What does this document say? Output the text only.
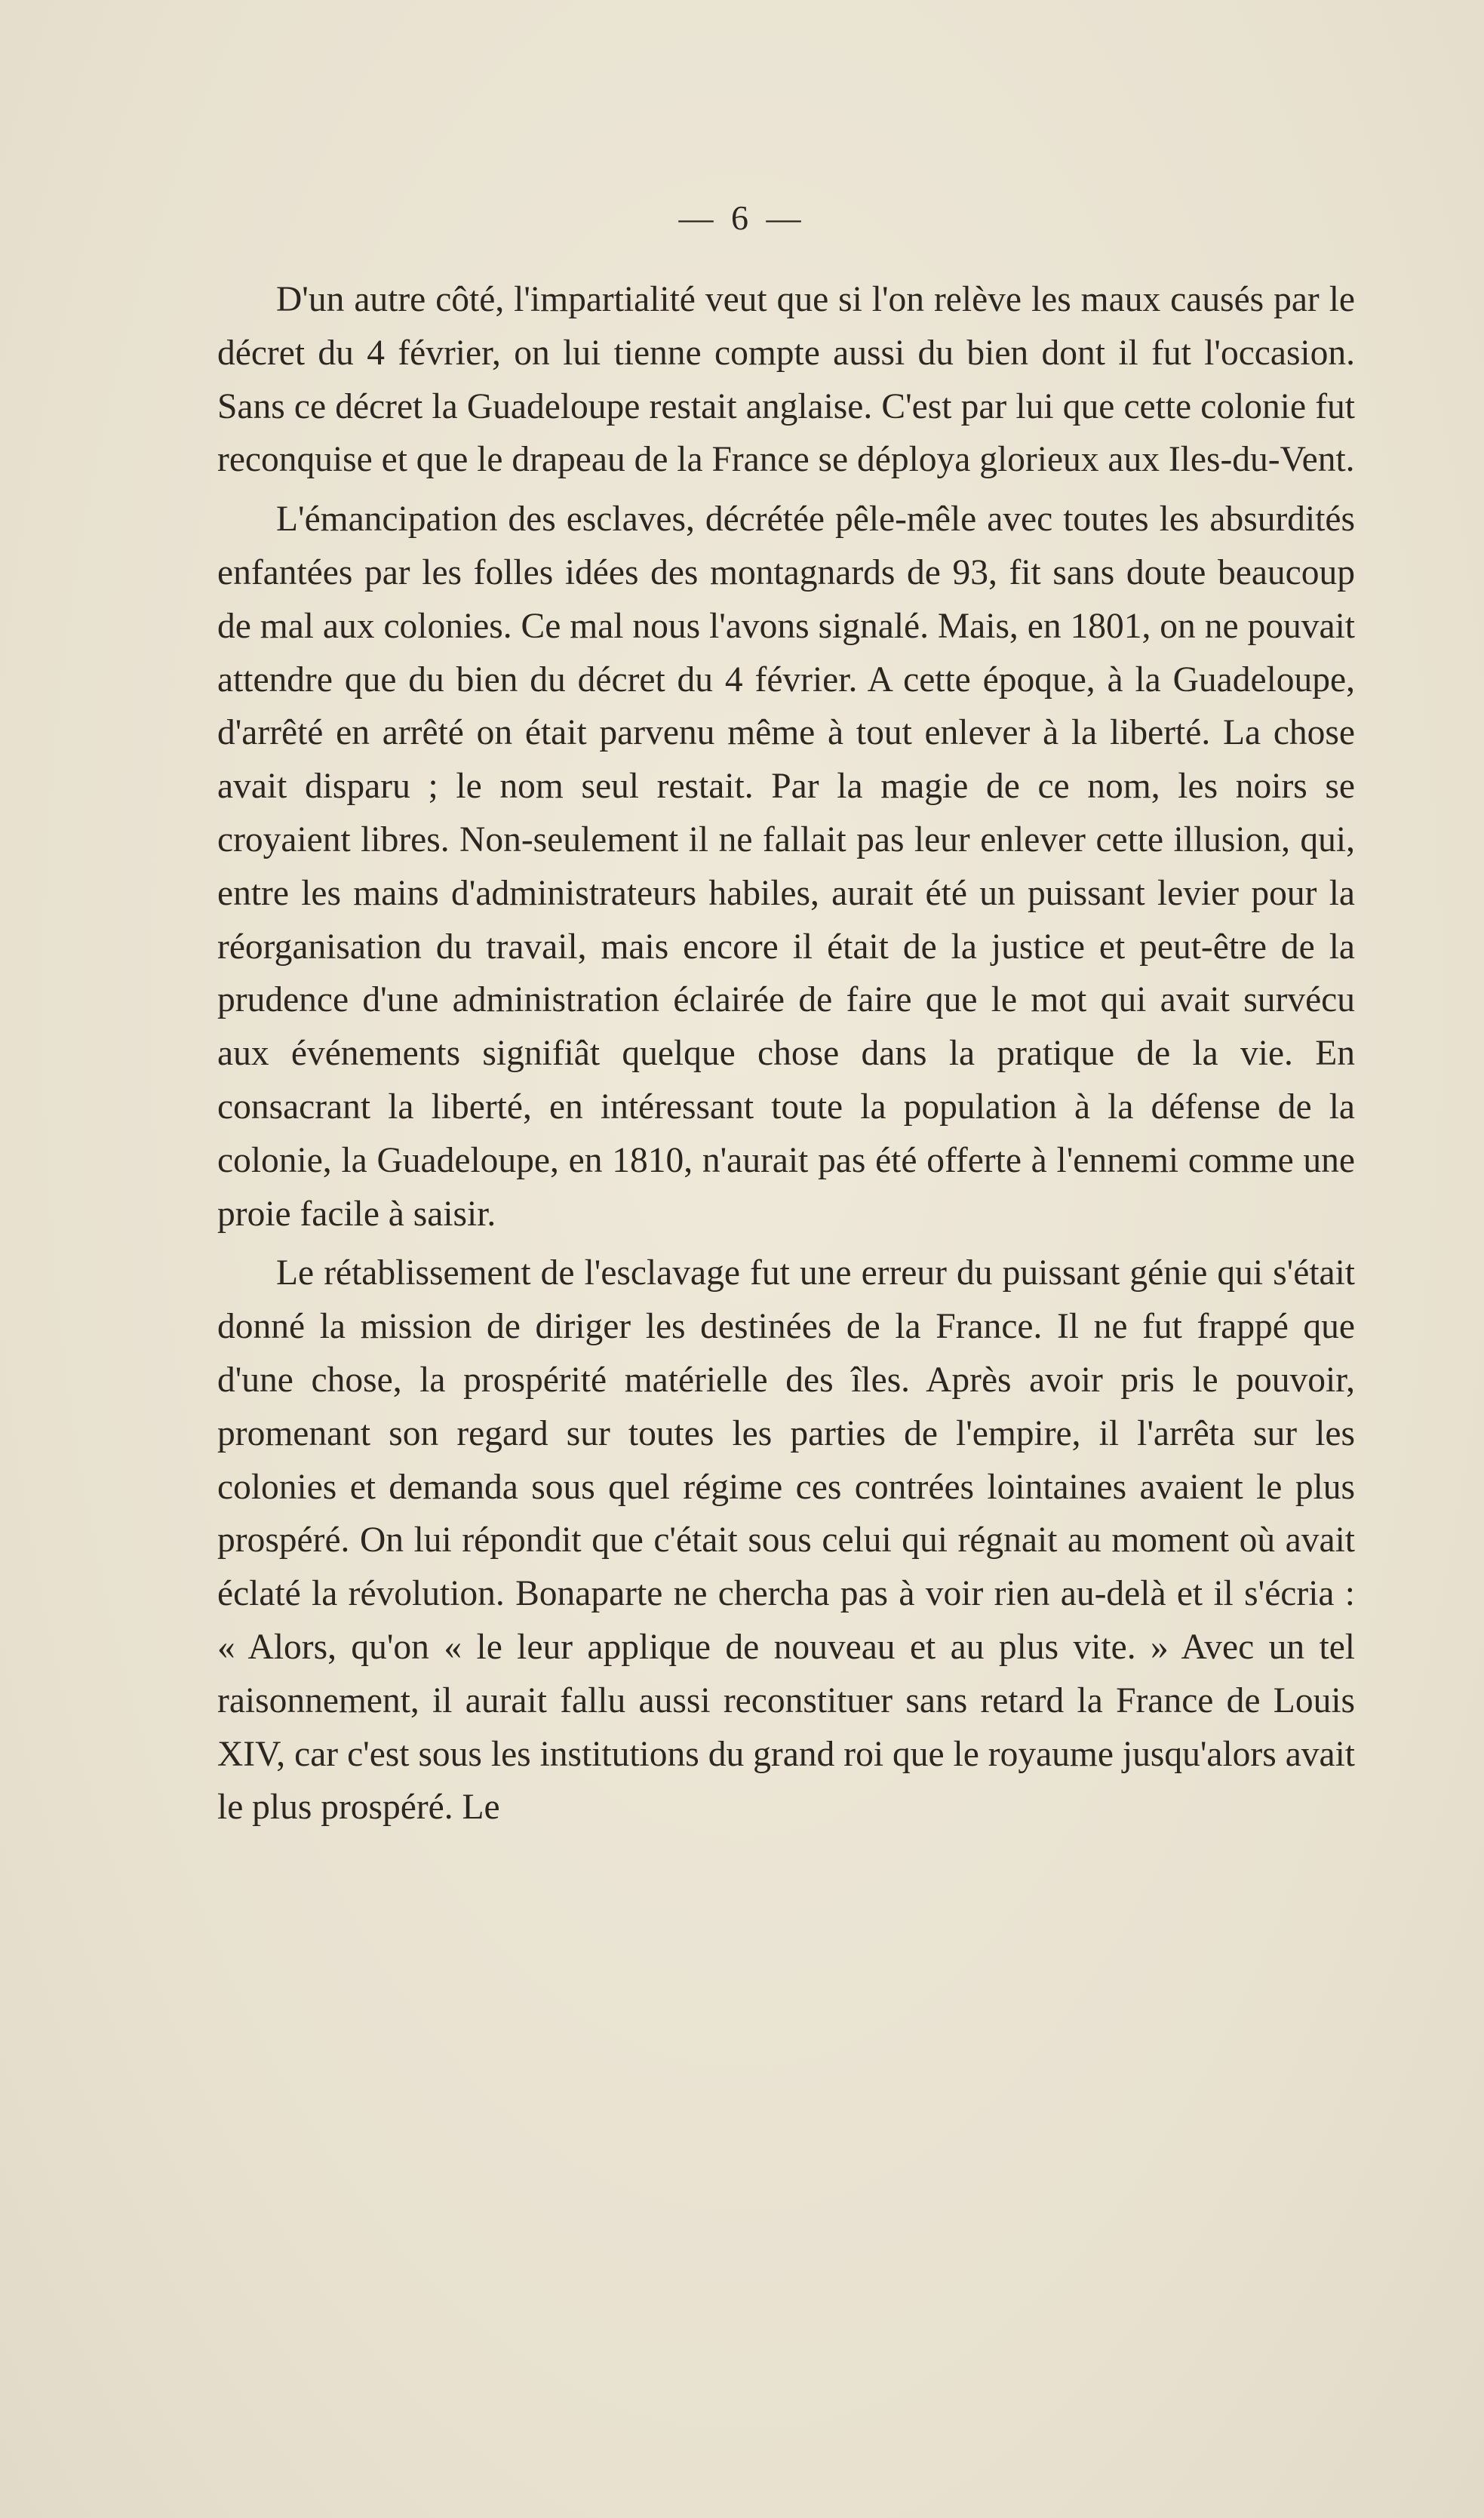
— 6 —

D'un autre côté, l'impartialité veut que si l'on relève les maux causés par le décret du 4 février, on lui tienne compte aussi du bien dont il fut l'occasion. Sans ce décret la Guadeloupe restait anglaise. C'est par lui que cette colonie fut reconquise et que le drapeau de la France se déploya glorieux aux Iles-du-Vent.

L'émancipation des esclaves, décrétée pêle-mêle avec toutes les absurdités enfantées par les folles idées des montagnards de 93, fit sans doute beaucoup de mal aux colonies. Ce mal nous l'avons signalé. Mais, en 1801, on ne pouvait attendre que du bien du décret du 4 février. A cette époque, à la Guadeloupe, d'arrêté en arrêté on était parvenu même à tout enlever à la liberté. La chose avait disparu ; le nom seul restait. Par la magie de ce nom, les noirs se croyaient libres. Non-seulement il ne fallait pas leur enlever cette illusion, qui, entre les mains d'administrateurs habiles, aurait été un puissant levier pour la réorganisation du travail, mais encore il était de la justice et peut-être de la prudence d'une administration éclairée de faire que le mot qui avait survécu aux événements signifiât quelque chose dans la pratique de la vie. En consacrant la liberté, en intéressant toute la population à la défense de la colonie, la Guadeloupe, en 1810, n'aurait pas été offerte à l'ennemi comme une proie facile à saisir.

Le rétablissement de l'esclavage fut une erreur du puissant génie qui s'était donné la mission de diriger les destinées de la France. Il ne fut frappé que d'une chose, la prospérité matérielle des îles. Après avoir pris le pouvoir, promenant son regard sur toutes les parties de l'empire, il l'arrêta sur les colonies et demanda sous quel régime ces contrées lointaines avaient le plus prospéré. On lui répondit que c'était sous celui qui régnait au moment où avait éclaté la révolution. Bonaparte ne chercha pas à voir rien au-delà et il s'écria : « Alors, qu'on « le leur applique de nouveau et au plus vite. » Avec un tel raisonnement, il aurait fallu aussi reconstituer sans retard la France de Louis XIV, car c'est sous les institutions du grand roi que le royaume jusqu'alors avait le plus prospéré. Le
